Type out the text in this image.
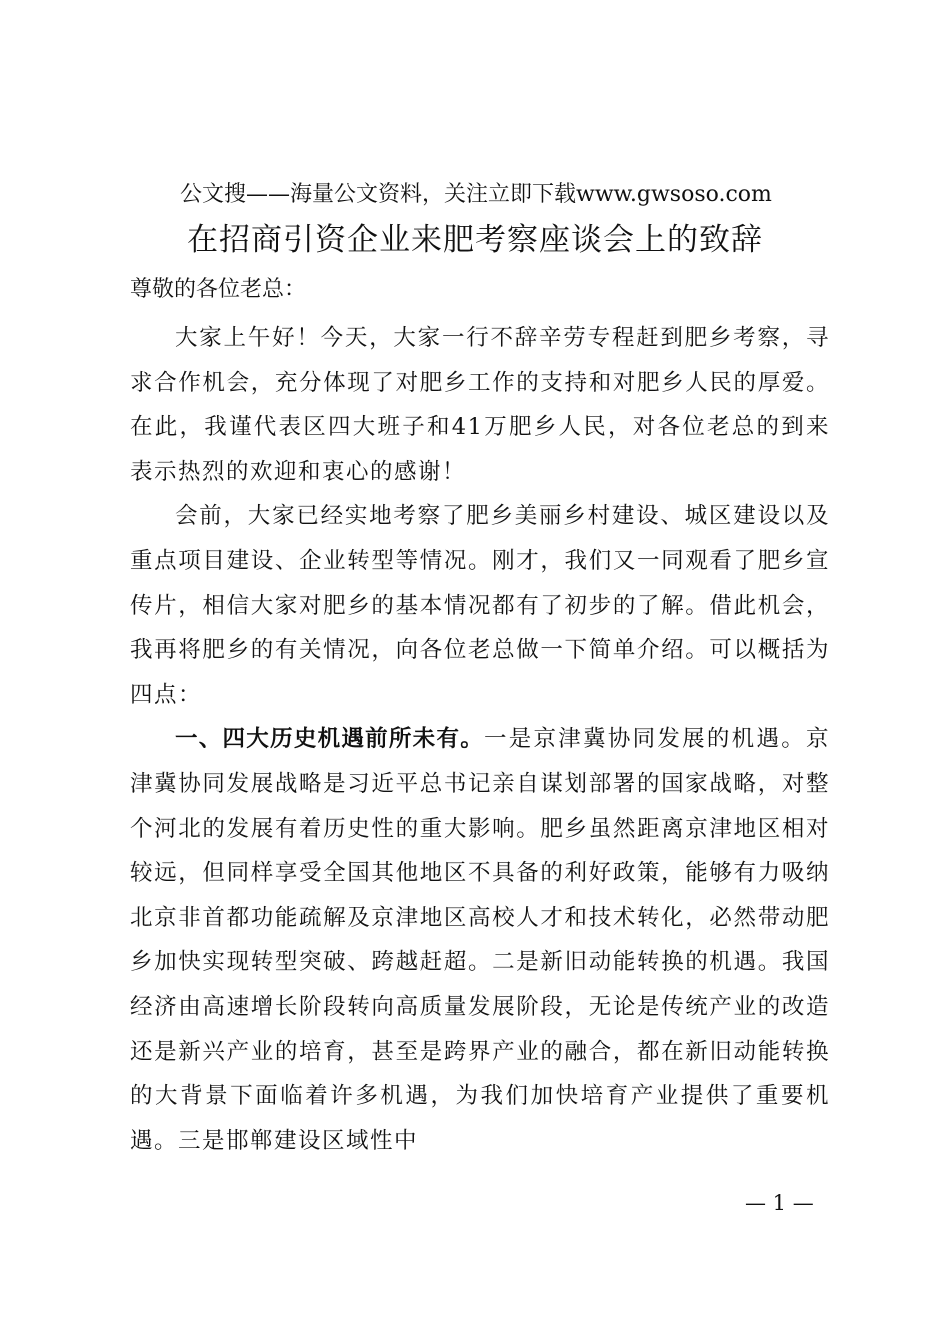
公文搜——海量公文资料，关注立即下载www.gwsoso.com
在招商引资企业来肥考察座谈会上的致辞
尊敬的各位老总：

大家上午好！今天，大家一行不辞辛劳专程赶到肥乡考察，寻求合作机会，充分体现了对肥乡工作的支持和对肥乡人民的厚爱。在此，我谨代表区四大班子和41万肥乡人民，对各位老总的到来表示热烈的欢迎和衷心的感谢！

会前，大家已经实地考察了肥乡美丽乡村建设、城区建设以及重点项目建设、企业转型等情况。刚才，我们又一同观看了肥乡宣传片，相信大家对肥乡的基本情况都有了初步的了解。借此机会，我再将肥乡的有关情况，向各位老总做一下简单介绍。可以概括为四点：

一、四大历史机遇前所未有。一是京津冀协同发展的机遇。京津冀协同发展战略是习近平总书记亲自谋划部署的国家战略，对整个河北的发展有着历史性的重大影响。肥乡虽然距离京津地区相对较远，但同样享受全国其他地区不具备的利好政策，能够有力吸纳北京非首都功能疏解及京津地区高校人才和技术转化，必然带动肥乡加快实现转型突破、跨越赶超。二是新旧动能转换的机遇。我国经济由高速增长阶段转向高质量发展阶段，无论是传统产业的改造还是新兴产业的培育，甚至是跨界产业的融合，都在新旧动能转换的大背景下面临着许多机遇，为我们加快培育产业提供了重要机遇。三是邯郸建设区域性中

— 1 —
